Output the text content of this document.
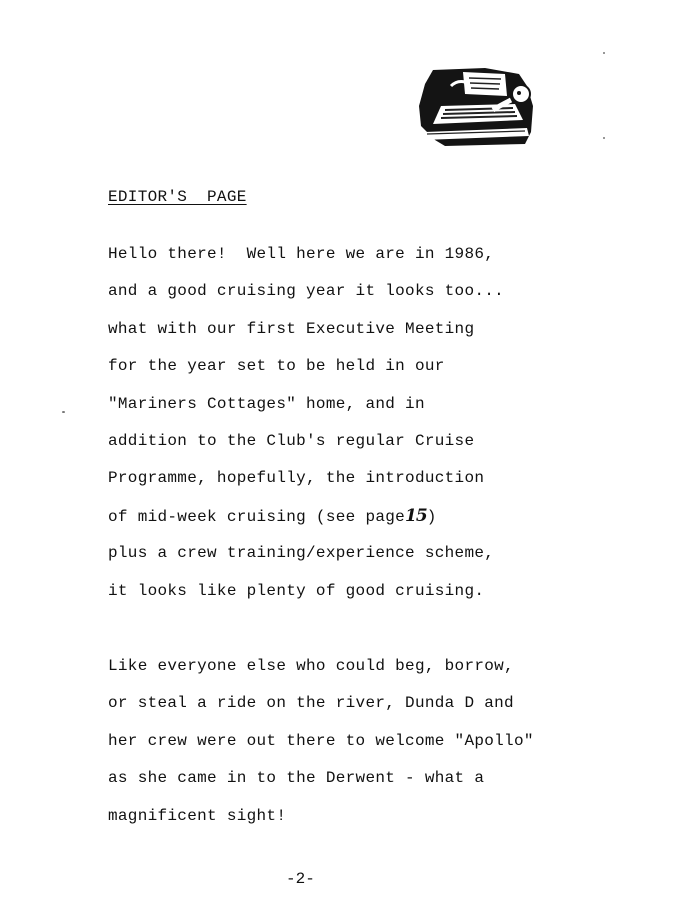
EDITOR'S  PAGE
Hello there!  Well here we are in 1986,
and a good cruising year it looks too...
what with our first Executive Meeting
for the year set to be held in our
"Mariners Cottages" home, and in
addition to the Club's regular Cruise
Programme, hopefully, the introduction
of mid-week cruising (see page15)
plus a crew training/experience scheme,
it looks like plenty of good cruising.
Like everyone else who could beg, borrow,
or steal a ride on the river, Dunda D and
her crew were out there to welcome "Apollo"
as she came in to the Derwent - what a
magnificent sight!
-2-
